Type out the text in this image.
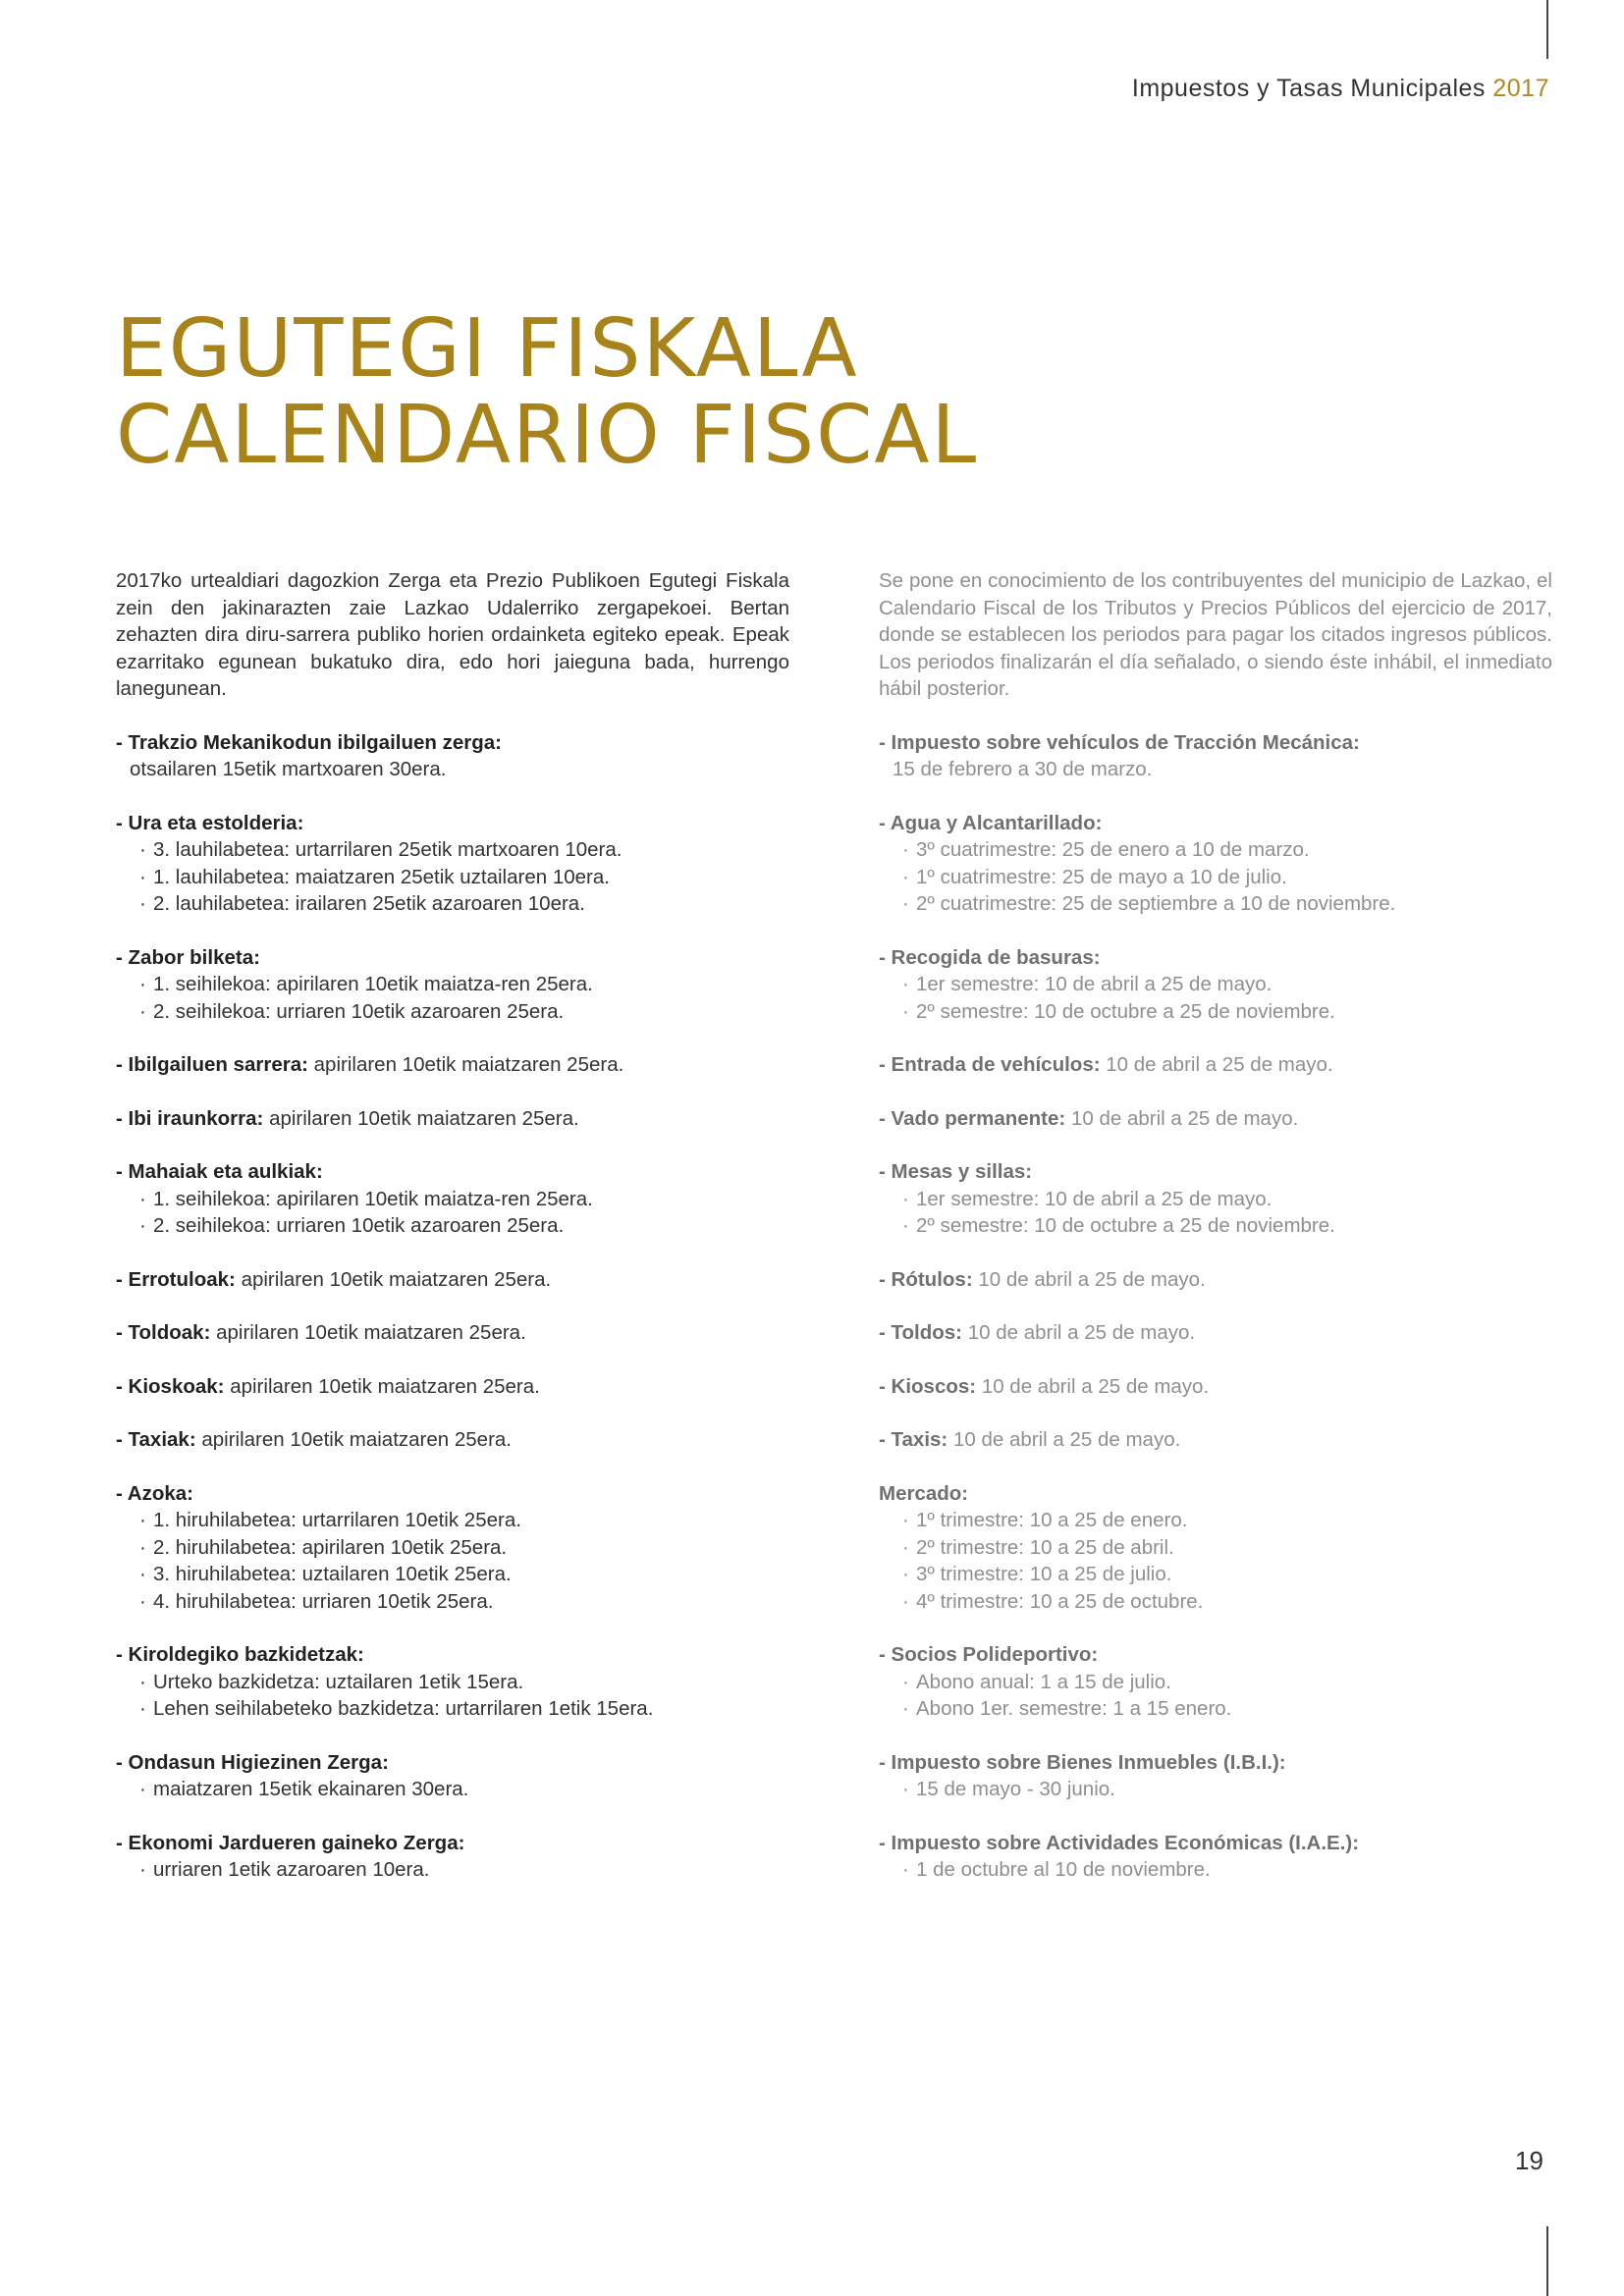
Impuestos y Tasas Municipales 2017
EGUTEGI FISKALA
CALENDARIO FISCAL

2017ko urtealdiari dagozkion Zerga eta Prezio Publikoen Egutegi Fiskala zein den jakinarazten zaie Lazkao Udalerriko zergapekoei. Bertan zehazten dira diru-sarrera publiko horien ordainketa egiteko epeak. Epeak ezarritako egunean bukatuko dira, edo hori jaieguna bada, hurrengo lanegunean.

- Trakzio Mekanikodun ibilgailuen zerga:
otsailaren 15etik martxoaren 30era.
- Ura eta estolderia:
· 3. lauhilabetea: urtarrilaren 25etik martxoaren 10era.
· 1. lauhilabetea: maiatzaren 25etik uztailaren 10era.
· 2. lauhilabetea: irailaren 25etik azaroaren 10era.
- Zabor bilketa:
· 1. seihilekoa: apirilaren 10etik maiatza-ren 25era.
· 2. seihilekoa: urriaren 10etik azaroaren 25era.
- Ibilgailuen sarrera: apirilaren 10etik maiatzaren 25era.
- Ibi iraunkorra: apirilaren 10etik maiatzaren 25era.
- Mahaiak eta aulkiak:
· 1. seihilekoa: apirilaren 10etik maiatza-ren 25era.
· 2. seihilekoa: urriaren 10etik azaroaren 25era.
- Errotuloak: apirilaren 10etik maiatzaren 25era.
- Toldoak: apirilaren 10etik maiatzaren 25era.
- Kioskoak: apirilaren 10etik maiatzaren 25era.
- Taxiak: apirilaren 10etik maiatzaren 25era.
- Azoka:
· 1. hiruhilabetea: urtarrilaren 10etik 25era.
· 2. hiruhilabetea: apirilaren 10etik 25era.
· 3. hiruhilabetea: uztailaren 10etik 25era.
· 4. hiruhilabetea: urriaren 10etik 25era.
- Kiroldegiko bazkidetzak:
· Urteko bazkidetza: uztailaren 1etik 15era.
· Lehen seihilabeteko bazkidetza: urtarrilaren 1etik 15era.
- Ondasun Higiezinen Zerga:
· maiatzaren 15etik ekainaren 30era.
- Ekonomi Jardueren gaineko Zerga:
· urriaren 1etik azaroaren 10era.

Se pone en conocimiento de los contribuyentes del municipio de Lazkao, el Calendario Fiscal de los Tributos y Precios Públicos del ejercicio de 2017, donde se establecen los periodos para pagar los citados ingresos públicos. Los periodos finalizarán el día señalado, o siendo éste inhábil, el inmediato hábil posterior.

- Impuesto sobre vehículos de Tracción Mecánica:
15 de febrero a 30 de marzo.
- Agua y Alcantarillado:
· 3º cuatrimestre: 25 de enero a 10 de marzo.
· 1º cuatrimestre: 25 de mayo a 10 de julio.
· 2º cuatrimestre: 25 de septiembre a 10 de noviembre.
- Recogida de basuras:
· 1er semestre: 10 de abril a 25 de mayo.
· 2º semestre: 10 de octubre a 25 de noviembre.
- Entrada de vehículos: 10 de abril a 25 de mayo.
- Vado permanente: 10 de abril a 25 de mayo.
- Mesas y sillas:
· 1er semestre: 10 de abril a 25 de mayo.
· 2º semestre: 10 de octubre a 25 de noviembre.
- Rótulos: 10 de abril a 25 de mayo.
- Toldos: 10 de abril a 25 de mayo.
- Kioscos: 10 de abril a 25 de mayo.
- Taxis: 10 de abril a 25 de mayo.
Mercado:
· 1º trimestre: 10 a 25 de enero.
· 2º trimestre: 10 a 25 de abril.
· 3º trimestre: 10 a 25 de julio.
· 4º trimestre: 10 a 25 de octubre.
- Socios Polideportivo:
· Abono anual: 1 a 15 de julio.
· Abono 1er. semestre: 1 a 15 enero.
- Impuesto sobre Bienes Inmuebles (I.B.I.):
· 15 de mayo - 30 junio.
- Impuesto sobre Actividades Económicas (I.A.E.):
· 1 de octubre al 10 de noviembre.
19
